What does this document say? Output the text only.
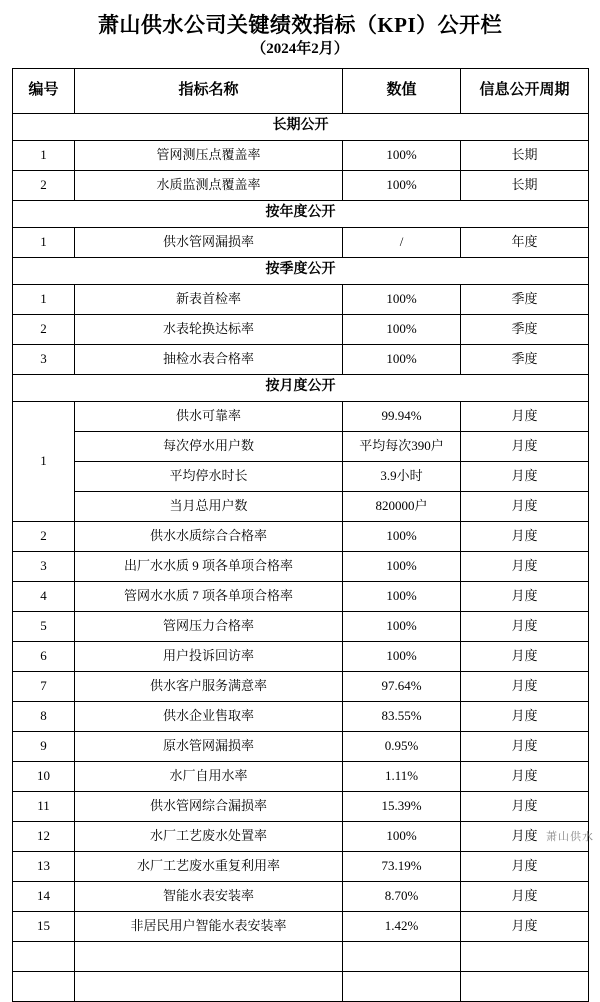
萧山供水公司关键绩效指标（KPI）公开栏
（2024年2月）
编号	指标名称	数值	信息公开周期
长期公开			
1	管网测压点覆盖率	100%	长期
2	水质监测点覆盖率	100%	长期
按年度公开			
1	供水管网漏损率	/	年度
按季度公开			
1	新表首检率	100%	季度
2	水表轮换达标率	100%	季度
3	抽检水表合格率	100%	季度
按月度公开			
1	供水可靠率	99.94%	月度
	每次停水用户数	平均每次390户	月度
	平均停水时长	3.9小时	月度
	当月总用户数	820000户	月度
2	供水水质综合合格率	100%	月度
3	出厂水水质 9 项各单项合格率	100%	月度
4	管网水水质 7 项各单项合格率	100%	月度
5	管网压力合格率	100%	月度
6	用户投诉回访率	100%	月度
7	供水客户服务满意率	97.64%	月度
8	供水企业售取率	83.55%	月度
9	原水管网漏损率	0.95%	月度
10	水厂自用水率	1.11%	月度
11	供水管网综合漏损率	15.39%	月度
12	水厂工艺废水处置率	100%	月度
13	水厂工艺废水重复利用率	73.19%	月度
14	智能水表安装率	8.70%	月度
15	非居民用户智能水表安装率	1.42%	月度

萧山供水
